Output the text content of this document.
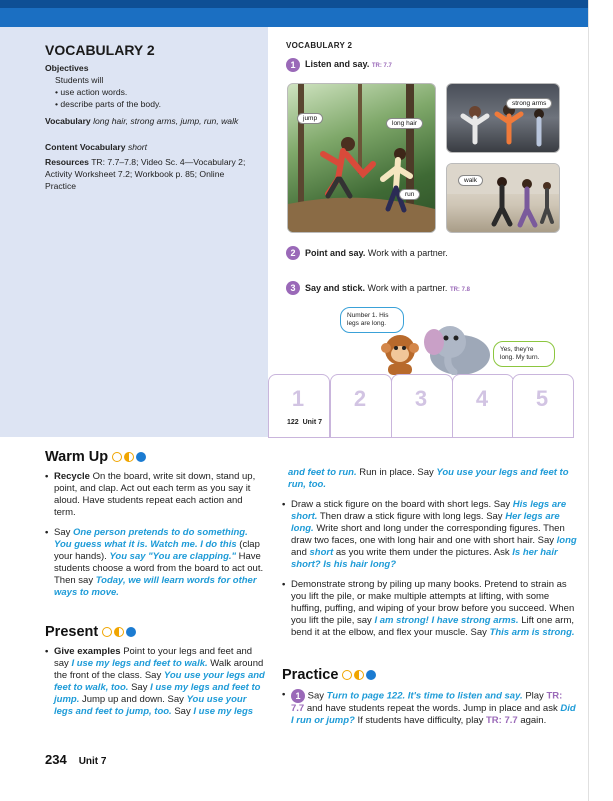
VOCABULARY 2
Objectives
Students will
• use action words.
• describe parts of the body.
Vocabulary long hair, strong arms, jump, run, walk
Content Vocabulary short
Resources TR: 7.7–7.8; Video Sc. 4—Vocabulary 2; Activity Worksheet 7.2; Workbook p. 85; Online Practice
VOCABULARY 2
1	Listen and say. TR: 7.7
jump
long hair
run
strong arms
walk
2	Point and say. Work with a partner.
3	Say and stick. Work with a partner. TR: 7.8
Number 1. His legs are long.
Yes, they're long. My turn.
1	2	3	4	5
122 Unit 7
Warm Up
• Recycle On the board, write sit down, stand up, point, and clap. Act out each term as you say it aloud. Have students repeat each action and term.
• Say One person pretends to do something. You guess what it is. Watch me. I do this (clap your hands). You say "You are clapping." Have students choose a word from the board to act out. Then say Today, we will learn words for other ways to move.
Present
• Give examples Point to your legs and feet and say I use my legs and feet to walk. Walk around the front of the class. Say You use your legs and feet to walk, too. Say I use my legs and feet to jump. Jump up and down. Say You use your legs and feet to jump, too. Say I use my legs
and feet to run. Run in place. Say You use your legs and feet to run, too.
• Draw a stick figure on the board with short legs. Say His legs are short. Then draw a stick figure with long legs. Say Her legs are long. Write short and long under the corresponding figures. Then draw two faces, one with long hair and one with short hair. Say long and short as you write them under the pictures. Ask Is her hair short? Is his hair long?
• Demonstrate strong by piling up many books. Pretend to strain as you lift the pile, or make multiple attempts at lifting, with some huffing, puffing, and wiping of your brow before you succeed. When you lift the pile, say I am strong! I have strong arms. Lift one arm, bend it at the elbow, and flex your muscle. Say This arm is strong.
Practice
• 1 Say Turn to page 122. It's time to listen and say. Play TR: 7.7 and have students repeat the words. Jump in place and ask Did I run or jump? If students have difficulty, play TR: 7.7 again.
234 Unit 7
